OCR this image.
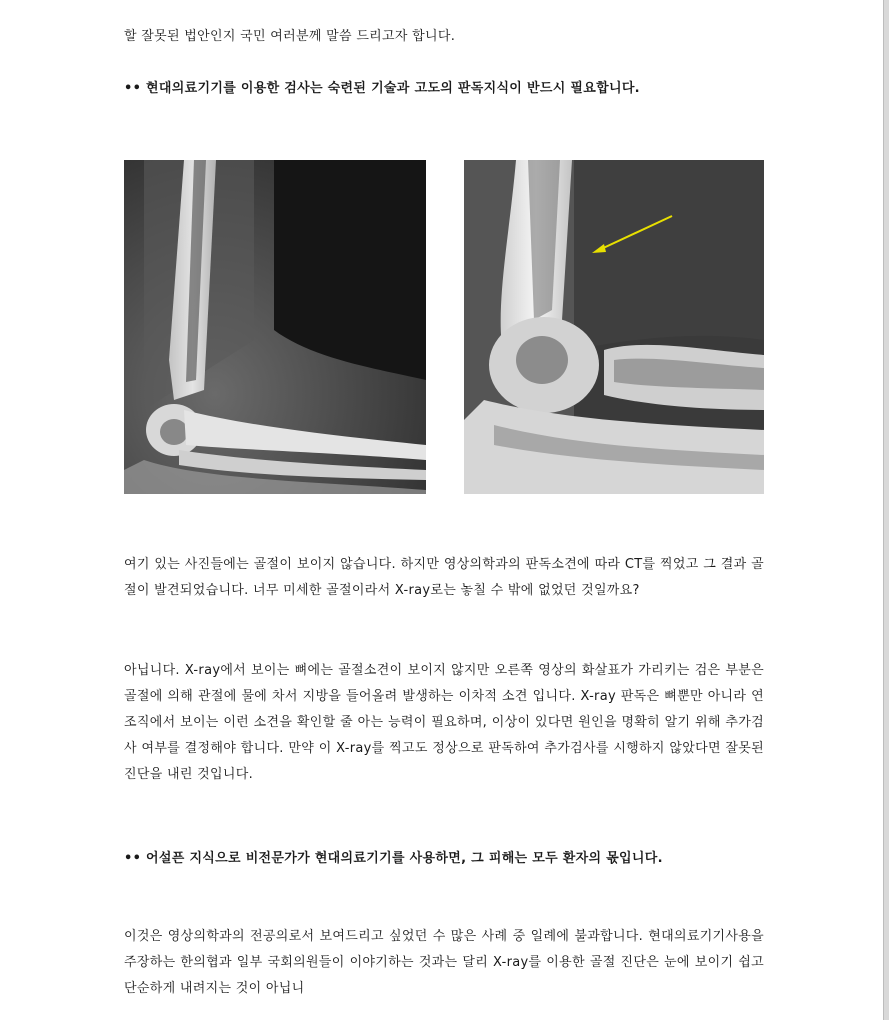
할 잘못된 법안인지 국민 여러분께 말씀 드리고자 합니다.

•• 현대의료기기를 이용한 검사는 숙련된 기술과 고도의 판독지식이 반드시 필요합니다.

여기 있는 사진들에는 골절이 보이지 않습니다. 하지만 영상의학과의 판독소견에 따라 CT를 찍었고 그 결과 골절이 발견되었습니다. 너무 미세한 골절이라서 X-ray로는 놓칠 수 밖에 없었던 것일까요?

아닙니다. X-ray에서 보이는 뼈에는 골절소견이 보이지 않지만 오른쪽 영상의 화살표가 가리키는 검은 부분은 골절에 의해 관절에 물에 차서 지방을 들어올려 발생하는 이차적 소견 입니다. X-ray 판독은 뼈뿐만 아니라 연조직에서 보이는 이런 소견을 확인할 줄 아는 능력이 필요하며, 이상이 있다면 원인을 명확히 알기 위해 추가검사 여부를 결정해야 합니다. 만약 이 X-ray를 찍고도 정상으로 판독하여 추가검사를 시행하지 않았다면 잘못된 진단을 내린 것입니다.

•• 어설픈 지식으로 비전문가가 현대의료기기를 사용하면, 그 피해는 모두 환자의 몫입니다.

이것은 영상의학과의 전공의로서 보여드리고 싶었던 수 많은 사례 중 일례에 불과합니다. 현대의료기기사용을 주장하는 한의협과 일부 국회의원들이 이야기하는 것과는 달리 X-ray를 이용한 골절 진단은 눈에 보이기 쉽고 단순하게 내려지는 것이 아닙니
